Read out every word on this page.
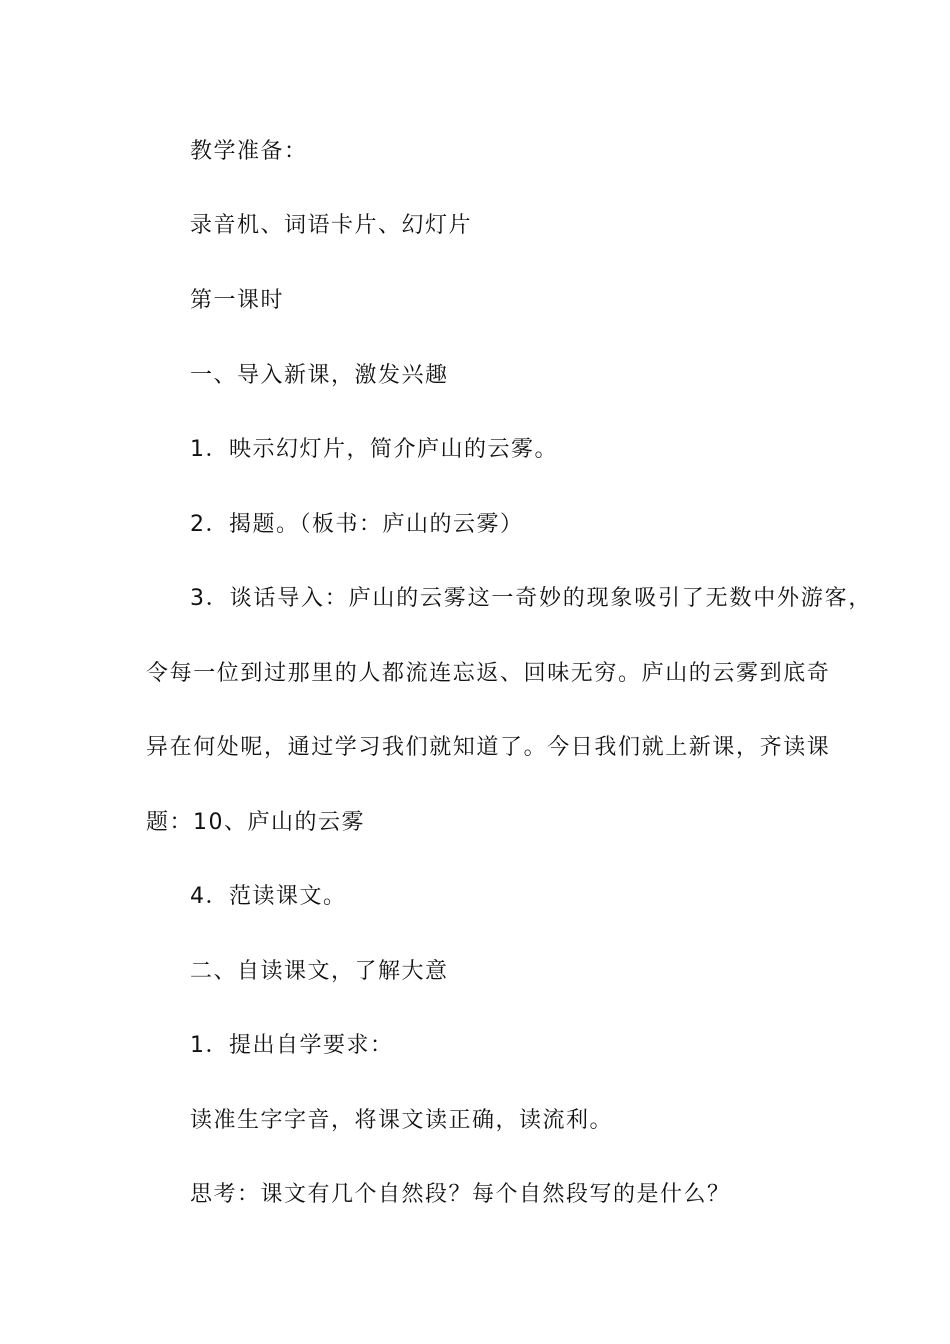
教学准备：
录音机、词语卡片、幻灯片
第一课时
一、导入新课，激发兴趣
1．映示幻灯片，简介庐山的云雾。
2．揭题。（板书：庐山的云雾）
3．谈话导入：庐山的云雾这一奇妙的现象吸引了无数中外游客，
令每一位到过那里的人都流连忘返、回味无穷。庐山的云雾到底奇
异在何处呢，通过学习我们就知道了。今日我们就上新课，齐读课
题：10、庐山的云雾
4．范读课文。
二、自读课文，了解大意
1．提出自学要求：
读准生字字音，将课文读正确，读流利。
思考：课文有几个自然段？每个自然段写的是什么？
